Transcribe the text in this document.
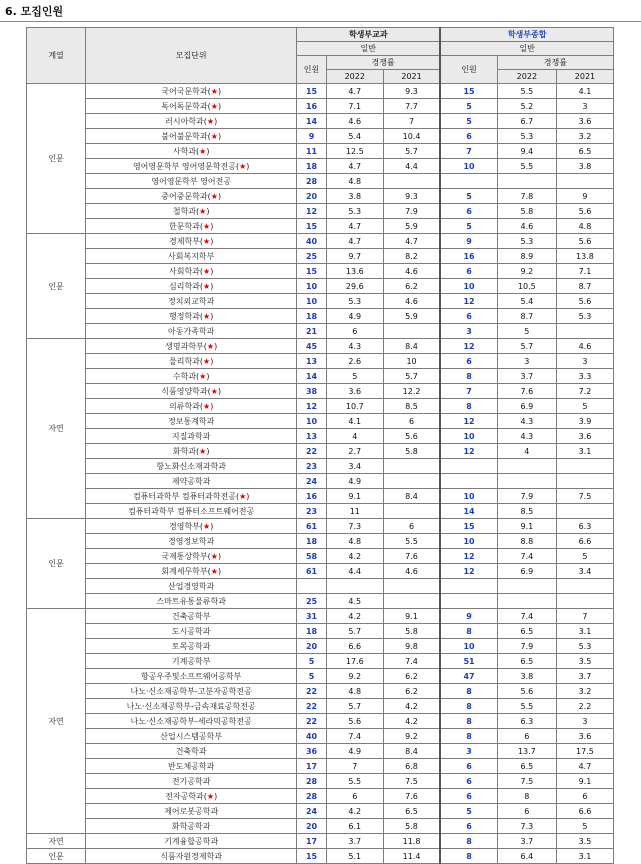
6. 모집인원
계열	모집단위	학생부교과			학생부종합		
		일반			일반		
		인원	경쟁률		인원	경쟁률	
			2022	2021		2022	2021
인문	국어국문학과(★)	15	4.7	9.3	15	5.5	4.1
	독어독문학과(★)	16	7.1	7.7	5	5.2	3
	러시아학과(★)	14	4.6	7	5	6.7	3.6
	불어불문학과(★)	9	5.4	10.4	6	5.3	3.2
	사학과(★)	11	12.5	5.7	7	9.4	6.5
	영어영문학부 영어영문학전공(★)	18	4.7	4.4	10	5.5	3.8
	영어영문학부 영어전공	28	4.8				
	중어중문학과(★)	20	3.8	9.3	5	7.8	9
	철학과(★)	12	5.3	7.9	6	5.8	5.6
	한문학과(★)	15	4.7	5.9	5	4.6	4.8
인문	경제학부(★)	40	4.7	4.7	9	5.3	5.6
	사회복지학부	25	9.7	8.2	16	8.9	13.8
	사회학과(★)	15	13.6	4.6	6	9.2	7.1
	심리학과(★)	10	29.6	6.2	10	10.5	8.7
	정치외교학과	10	5.3	4.6	12	5.4	5.6
	행정학과(★)	18	4.9	5.9	6	8.7	5.3
	아동가족학과	21	6		3	5	
자연	생명과학부(★)	45	4.3	8.4	12	5.7	4.6
	물리학과(★)	13	2.6	10	6	3	3
	수학과(★)	14	5	5.7	8	3.7	3.3
	식품영양학과(★)	38	3.6	12.2	7	7.6	7.2
	의류학과(★)	12	10.7	8.5	8	6.9	5
	정보통계학과	10	4.1	6	12	4.3	3.9
	지질과학과	13	4	5.6	10	4.3	3.6
	화학과(★)	22	2.7	5.8	12	4	3.1
	항노화신소재과학과	23	3.4				
	제약공학과	24	4.9				
	컴퓨터과학부 컴퓨터과학전공(★)	16	9.1	8.4	10	7.9	7.5
	컴퓨터과학부 컴퓨터소프트웨어전공	23	11		14	8.5	
인문	경영학부(★)	61	7.3	6	15	9.1	6.3
	경영정보학과	18	4.8	5.5	10	8.8	6.6
	국제통상학부(★)	58	4.2	7.6	12	7.4	5
	회계세무학부(★)	61	4.4	4.6	12	6.9	3.4
	산업경영학과						
	스마트유통물류학과	25	4.5				
자연	건축공학부	31	4.2	9.1	9	7.4	7
	도시공학과	18	5.7	5.8	8	6.5	3.1
	토목공학과	20	6.6	9.8	10	7.9	5.3
	기계공학부	5	17.6	7.4	51	6.5	3.5
	항공우주및소프트웨어공학부	5	9.2	6.2	47	3.8	3.7
	나노·신소재공학부-고분자공학전공	22	4.8	6.2	8	5.6	3.2
	나노·신소재공학부-금속재료공학전공	22	5.7	4.2	8	5.5	2.2
	나노·신소재공학부-세라믹공학전공	22	5.6	4.2	8	6.3	3
	산업시스템공학부	40	7.4	9.2	8	6	3.6
	건축학과	36	4.9	8.4	3	13.7	17.5
	반도체공학과	17	7	6.8	6	6.5	4.7
	전기공학과	28	5.5	7.5	6	7.5	9.1
	전자공학과(★)	28	6	7.6	6	8	6
	제어로봇공학과	24	4.2	6.5	5	6	6.6
	화학공학과	20	6.1	5.8	6	7.3	5
자연	기계융합공학과	17	3.7	11.8	8	3.7	3.5
인문	식품자원경제학과	15	5.1	11.4	8	6.4	3.1
